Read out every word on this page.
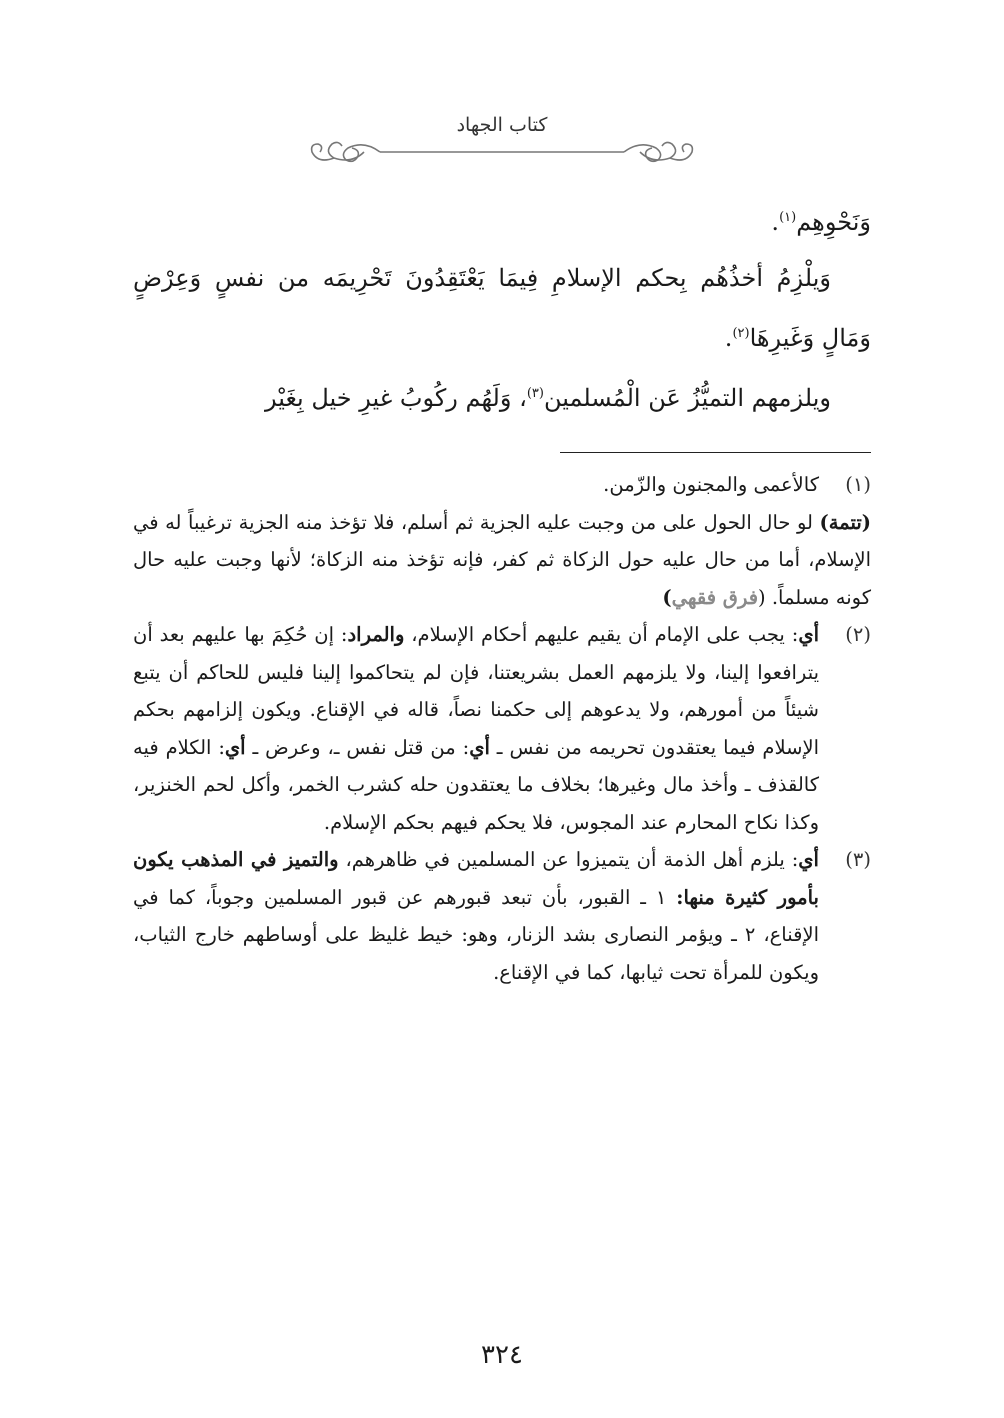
كتاب الجهاد

وَنَحْوِهِم$^{(١)}$.

وَيلْزِمُ أخذُهُم بِحكم الإسلامِ فِيمَا يَعْتَقِدُونَ تَحْرِيمَه من نفسٍ وَعِرْضٍ وَمَالٍ وَغَيرِهَا$^{(٢)}$.

ويلزمهم التميُّزُ عَن الْمُسلمين$^{(٣)}$، وَلَهُم ركُوبُ غيرِ خيل بِغَيْر

(١)

كالأعمى والمجنون والزّمن.

(تتمة) لو حال الحول على من وجبت عليه الجزية ثم أسلم، فلا تؤخذ منه الجزية ترغيباً له في الإسلام، أما من حال عليه حول الزكاة ثم كفر، فإنه تؤخذ منه الزكاة؛ لأنها وجبت عليه حال كونه مسلماً. (فرق فقهي)
(٢)

أي: يجب على الإمام أن يقيم عليهم أحكام الإسلام، والمراد: إن حُكِمَ بها عليهم بعد أن يترافعوا إلينا، ولا يلزمهم العمل بشريعتنا، فإن لم يتحاكموا إلينا فليس للحاكم أن يتبع شيئاً من أمورهم، ولا يدعوهم إلى حكمنا نصاً، قاله في الإقناع. ويكون إلزامهم بحكم الإسلام فيما يعتقدون تحريمه من نفس ـ أي: من قتل نفس ـ، وعرض ـ أي: الكلام فيه كالقذف ـ وأخذ مال وغيرها؛ بخلاف ما يعتقدون حله كشرب الخمر، وأكل لحم الخنزير، وكذا نكاح المحارم عند المجوس، فلا يحكم فيهم بحكم الإسلام.

(٣)

أي: يلزم أهل الذمة أن يتميزوا عن المسلمين في ظاهرهم، والتميز في المذهب يكون بأمور كثيرة منها: ١ ـ القبور، بأن تبعد قبورهم عن قبور المسلمين وجوباً، كما في الإقناع، ٢ ـ ويؤمر النصارى بشد الزنار، وهو: خيط غليظ على أوساطهم خارج الثياب، ويكون للمرأة تحت ثيابها، كما في الإقناع.

٣٢٤
